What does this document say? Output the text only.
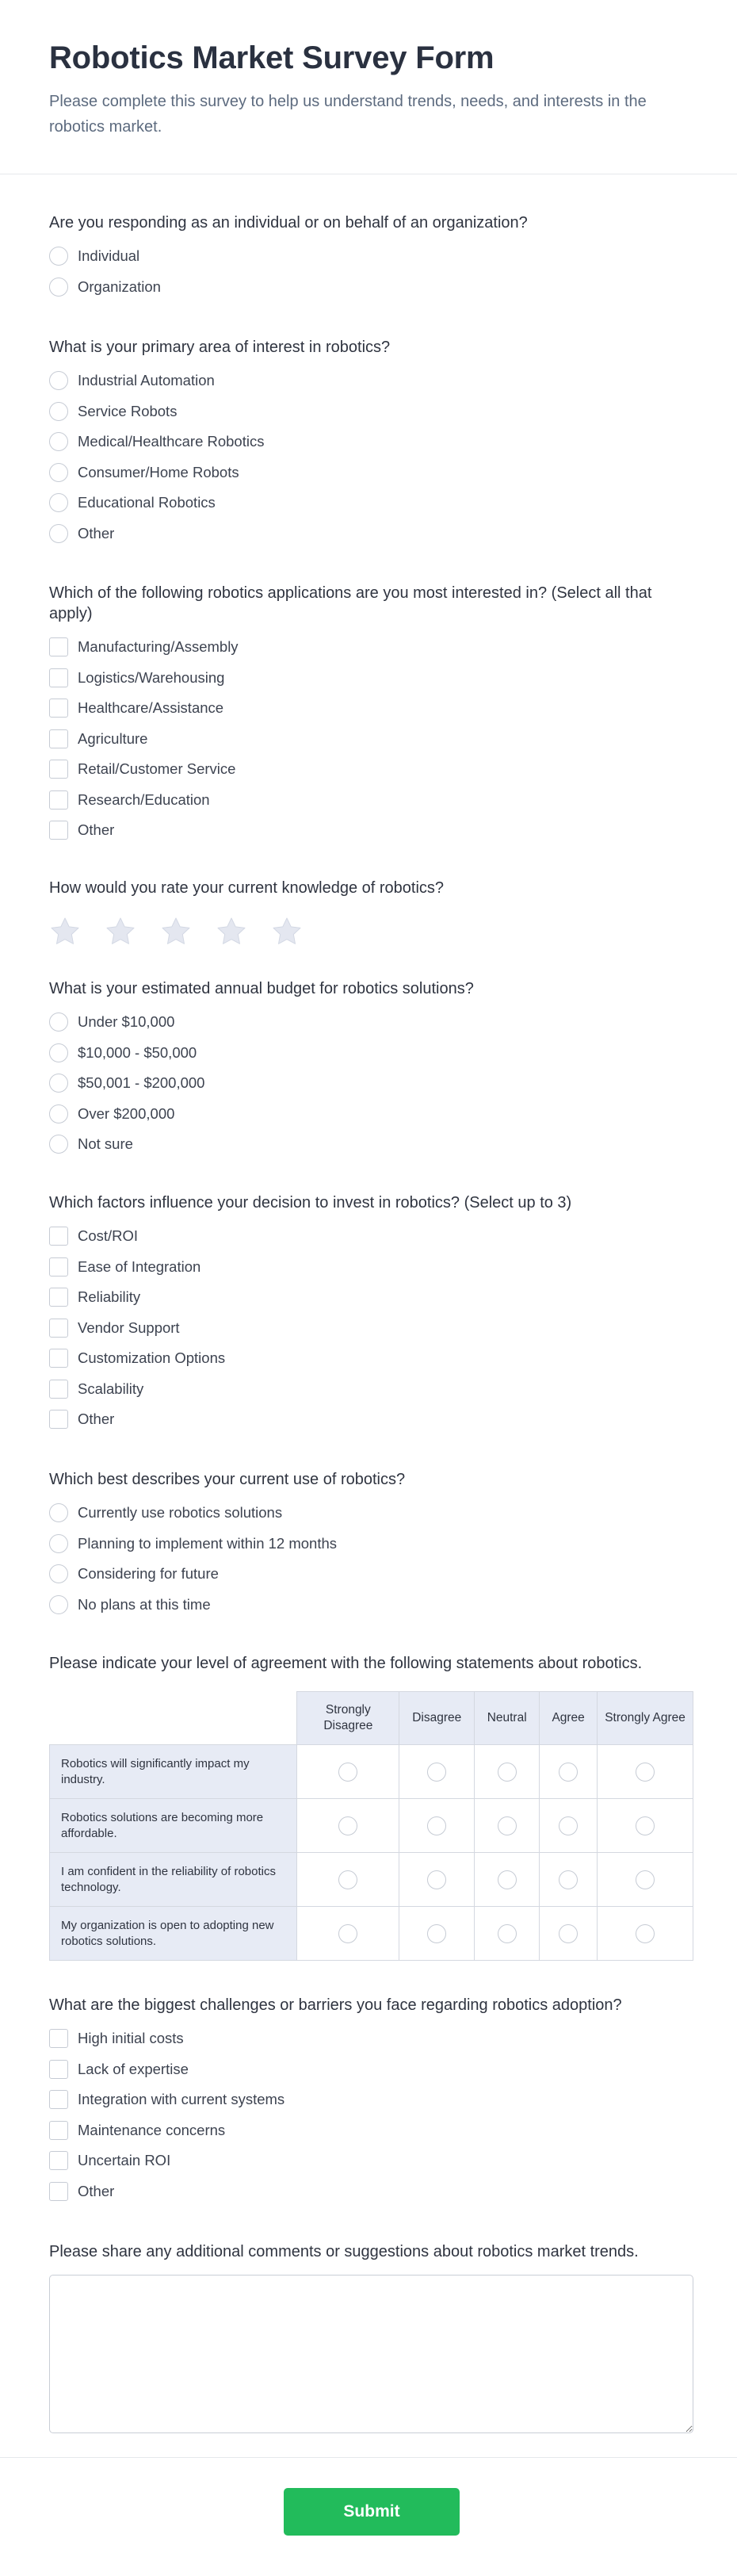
Robotics Market Survey Form

Please complete this survey to help us understand trends, needs, and interests in the robotics market.

Are you responding as an individual or on behalf of an organization?

Individual
Organization

What is your primary area of interest in robotics?

Industrial Automation
Service Robots
Medical/Healthcare Robotics
Consumer/Home Robots
Educational Robotics
Other

Which of the following robotics applications are you most interested in? (Select all that apply)

Manufacturing/Assembly
Logistics/Warehousing
Healthcare/Assistance
Agriculture
Retail/Customer Service
Research/Education
Other

How would you rate your current knowledge of robotics?

What is your estimated annual budget for robotics solutions?

Under $10,000
$10,000 - $50,000
$50,001 - $200,000
Over $200,000
Not sure

Which factors influence your decision to invest in robotics? (Select up to 3)

Cost/ROI
Ease of Integration
Reliability
Vendor Support
Customization Options
Scalability
Other

Which best describes your current use of robotics?

Currently use robotics solutions
Planning to implement within 12 months
Considering for future
No plans at this time

Please indicate your level of agreement with the following statements about robotics.

	Strongly Disagree	Disagree	Neutral	Agree	Strongly Agree
Robotics will significantly impact my industry.					
Robotics solutions are becoming more affordable.					
I am confident in the reliability of robotics technology.					
My organization is open to adopting new robotics solutions.					

What are the biggest challenges or barriers you face regarding robotics adoption?

High initial costs
Lack of expertise
Integration with current systems
Maintenance concerns
Uncertain ROI
Other

Please share any additional comments or suggestions about robotics market trends.

Submit
